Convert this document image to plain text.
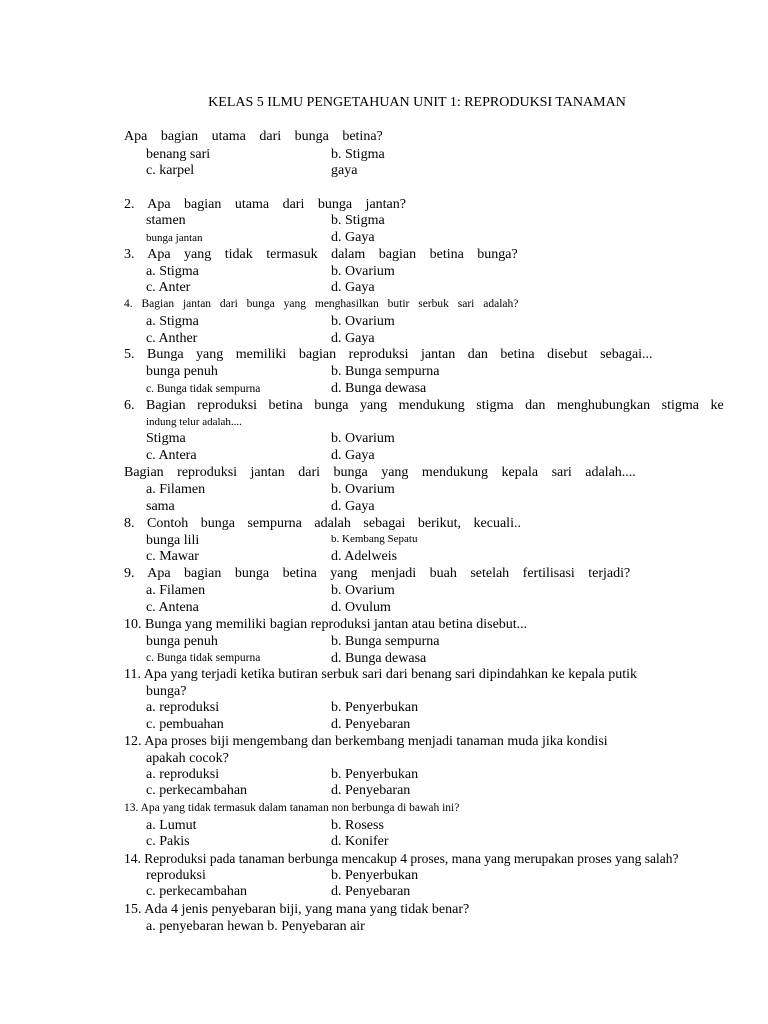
KELAS 5 ILMU PENGETAHUAN UNIT 1: REPRODUKSI TANAMAN
Apa bagian utama dari bunga betina?
benang sari	b. Stigma
c. karpel	gaya
2. Apa bagian utama dari bunga jantan?
stamen	b. Stigma
bunga jantan	d. Gaya
3. Apa yang tidak termasuk dalam bagian betina bunga?
a. Stigma	b. Ovarium
c. Anter	d. Gaya
4. Bagian jantan dari bunga yang menghasilkan butir serbuk sari adalah?
a. Stigma	b. Ovarium
c. Anther	d. Gaya
5. Bunga yang memiliki bagian reproduksi jantan dan betina disebut sebagai...
bunga penuh	b. Bunga sempurna
c. Bunga tidak sempurna	d. Bunga dewasa
6. Bagian reproduksi betina bunga yang mendukung stigma dan menghubungkan stigma ke
indung telur adalah....
Stigma	b. Ovarium
c. Antera	d. Gaya
Bagian reproduksi jantan dari bunga yang mendukung kepala sari adalah....
a. Filamen	b. Ovarium
sama	d. Gaya
8. Contoh bunga sempurna adalah sebagai berikut, kecuali..
bunga lili	b. Kembang Sepatu
c. Mawar	d. Adelweis
9. Apa bagian bunga betina yang menjadi buah setelah fertilisasi terjadi?
a. Filamen	b. Ovarium
c. Antena	d. Ovulum
10. Bunga yang memiliki bagian reproduksi jantan atau betina disebut...
bunga penuh	b. Bunga sempurna
c. Bunga tidak sempurna	d. Bunga dewasa
11. Apa yang terjadi ketika butiran serbuk sari dari benang sari dipindahkan ke kepala putik
bunga?
a. reproduksi	b. Penyerbukan
c. pembuahan	d. Penyebaran
12. Apa proses biji mengembang dan berkembang menjadi tanaman muda jika kondisi
apakah cocok?
a. reproduksi	b. Penyerbukan
c. perkecambahan	d. Penyebaran
13. Apa yang tidak termasuk dalam tanaman non berbunga di bawah ini?
a. Lumut	b. Rosess
c. Pakis	d. Konifer
14. Reproduksi pada tanaman berbunga mencakup 4 proses, mana yang merupakan proses yang salah?
reproduksi	b. Penyerbukan
c. perkecambahan	d. Penyebaran
15. Ada 4 jenis penyebaran biji, yang mana yang tidak benar?
a. penyebaran hewan b. Penyebaran air
